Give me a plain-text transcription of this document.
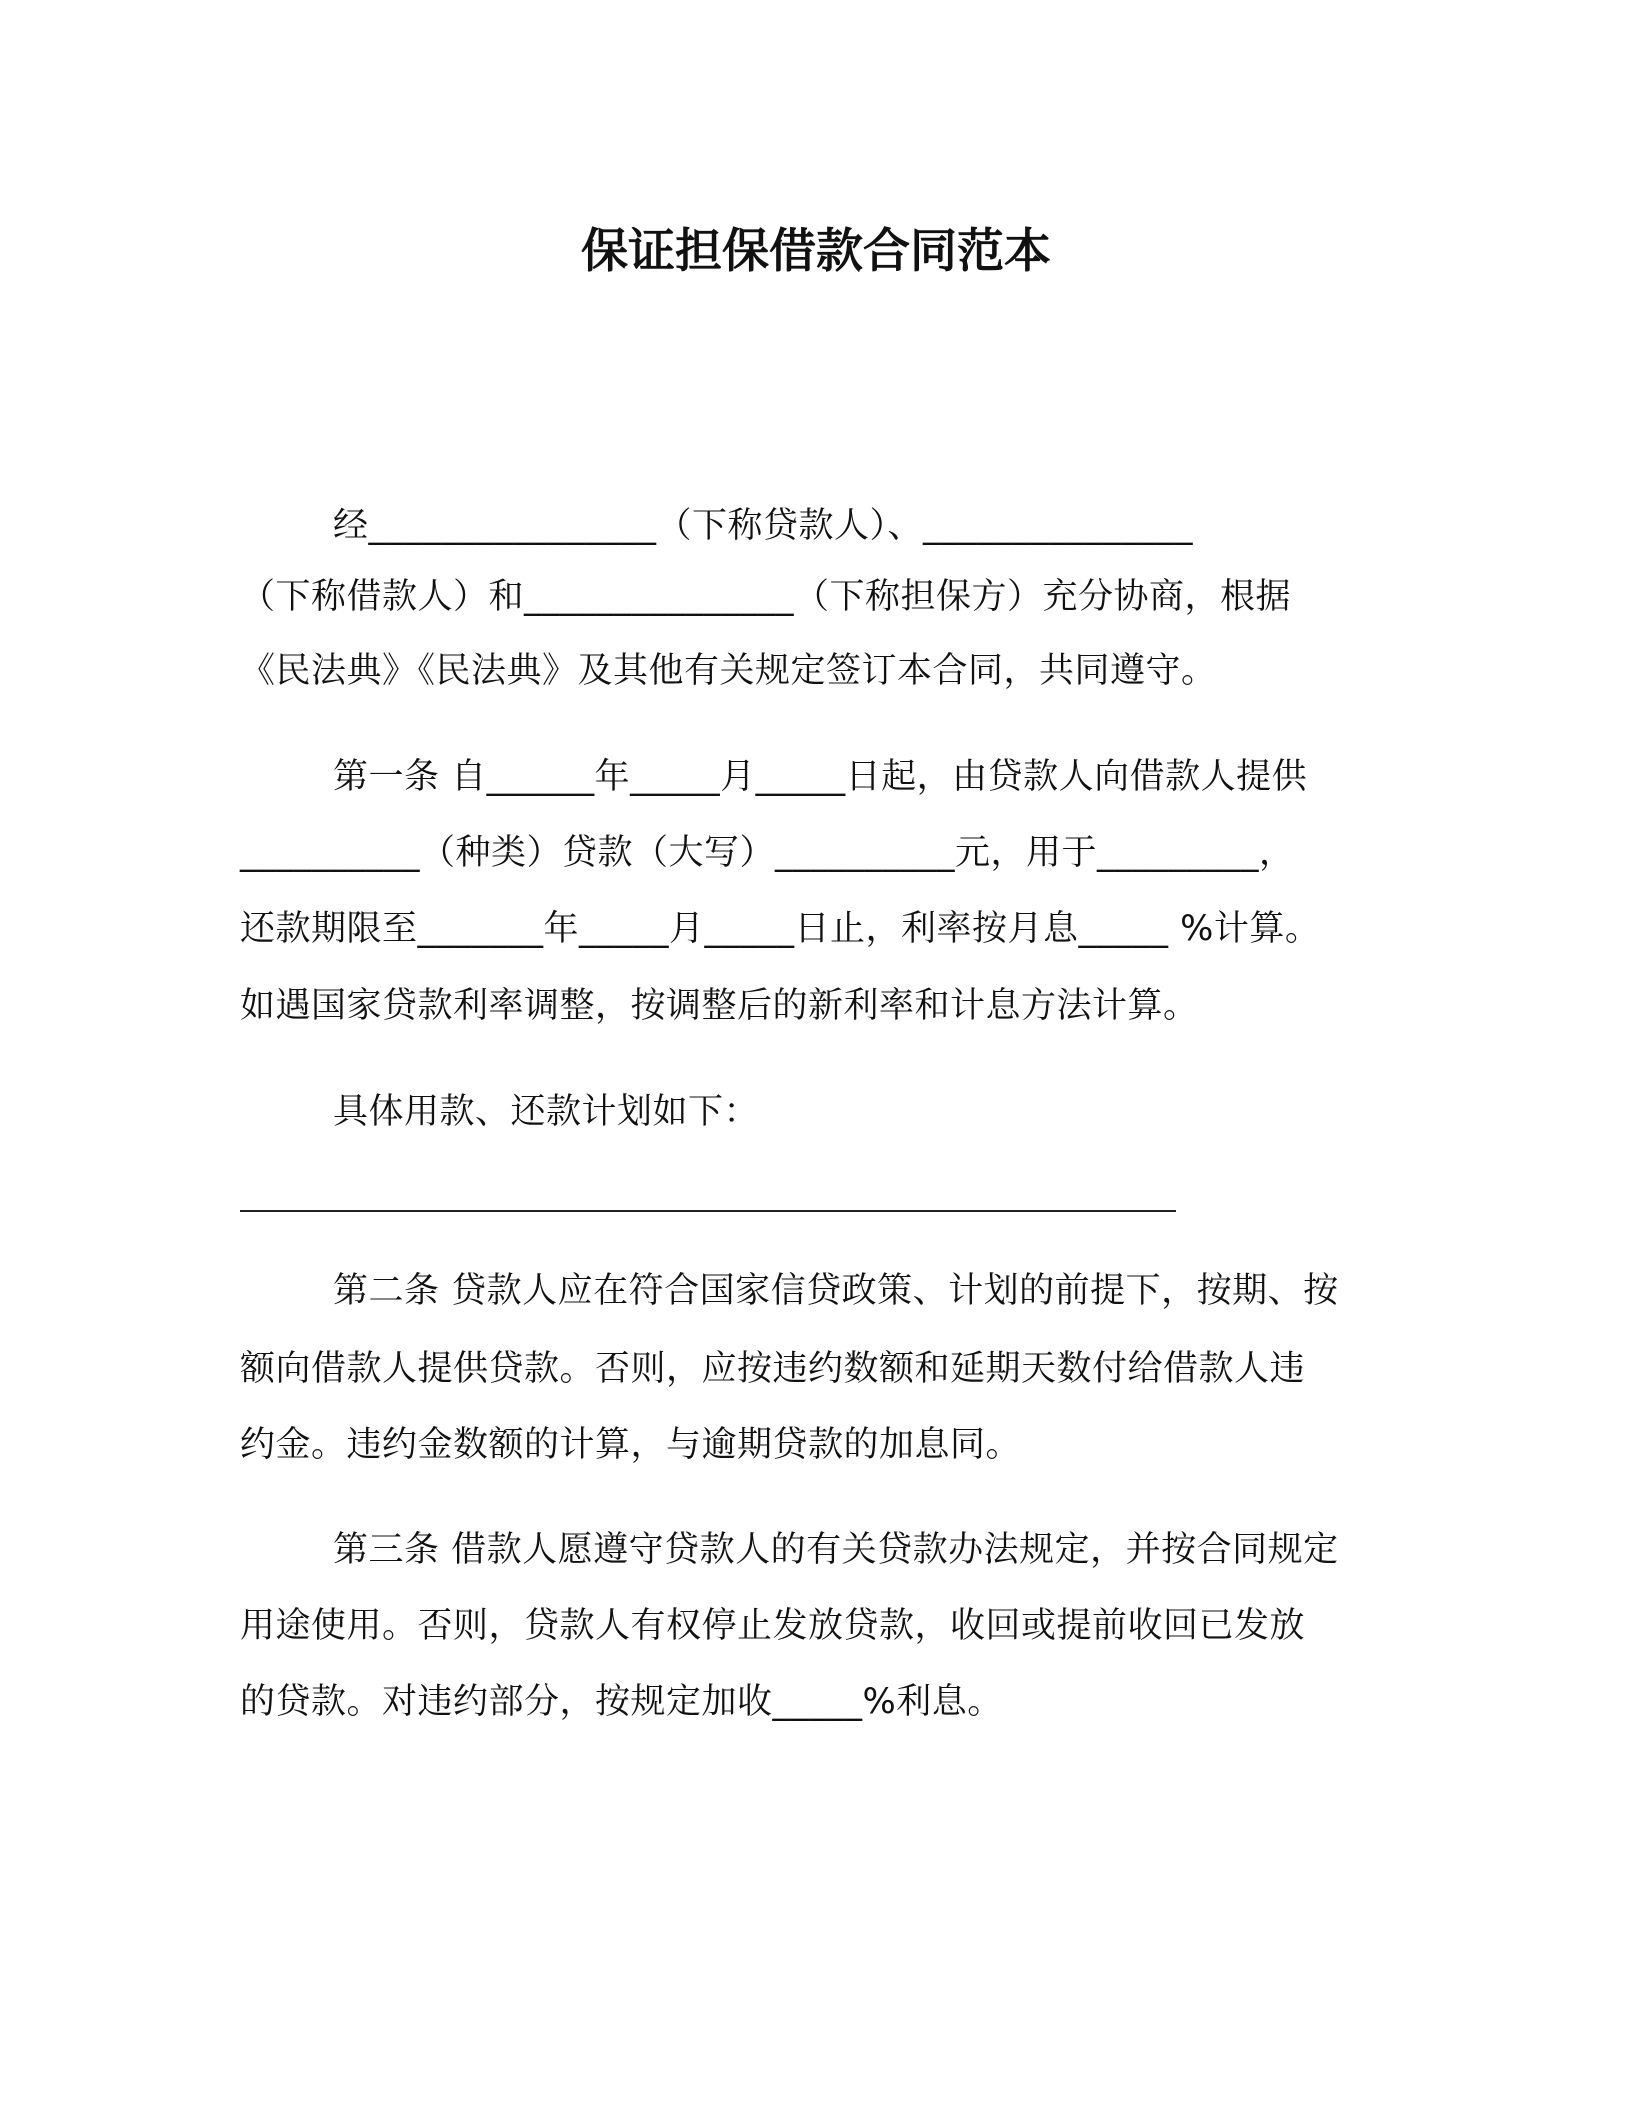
保证担保借款合同范本
经________________（下称贷款人）、_______________
（下称借款人）和_______________（下称担保方）充分协商，根据
《民法典》《民法典》及其他有关规定签订本合同，共同遵守。
第一条 自______年_____月_____日起，由贷款人向借款人提供
__________（种类）贷款（大写）__________元，用于_________，
还款期限至_______年_____月_____日止，利率按月息_____ %计算。
如遇国家贷款利率调整，按调整后的新利率和计息方法计算。
具体用款、还款计划如下：
第二条 贷款人应在符合国家信贷政策、计划的前提下，按期、按
额向借款人提供贷款。否则，应按违约数额和延期天数付给借款人违
约金。违约金数额的计算，与逾期贷款的加息同。
第三条 借款人愿遵守贷款人的有关贷款办法规定，并按合同规定
用途使用。否则，贷款人有权停止发放贷款，收回或提前收回已发放
的贷款。对违约部分，按规定加收_____%利息。
